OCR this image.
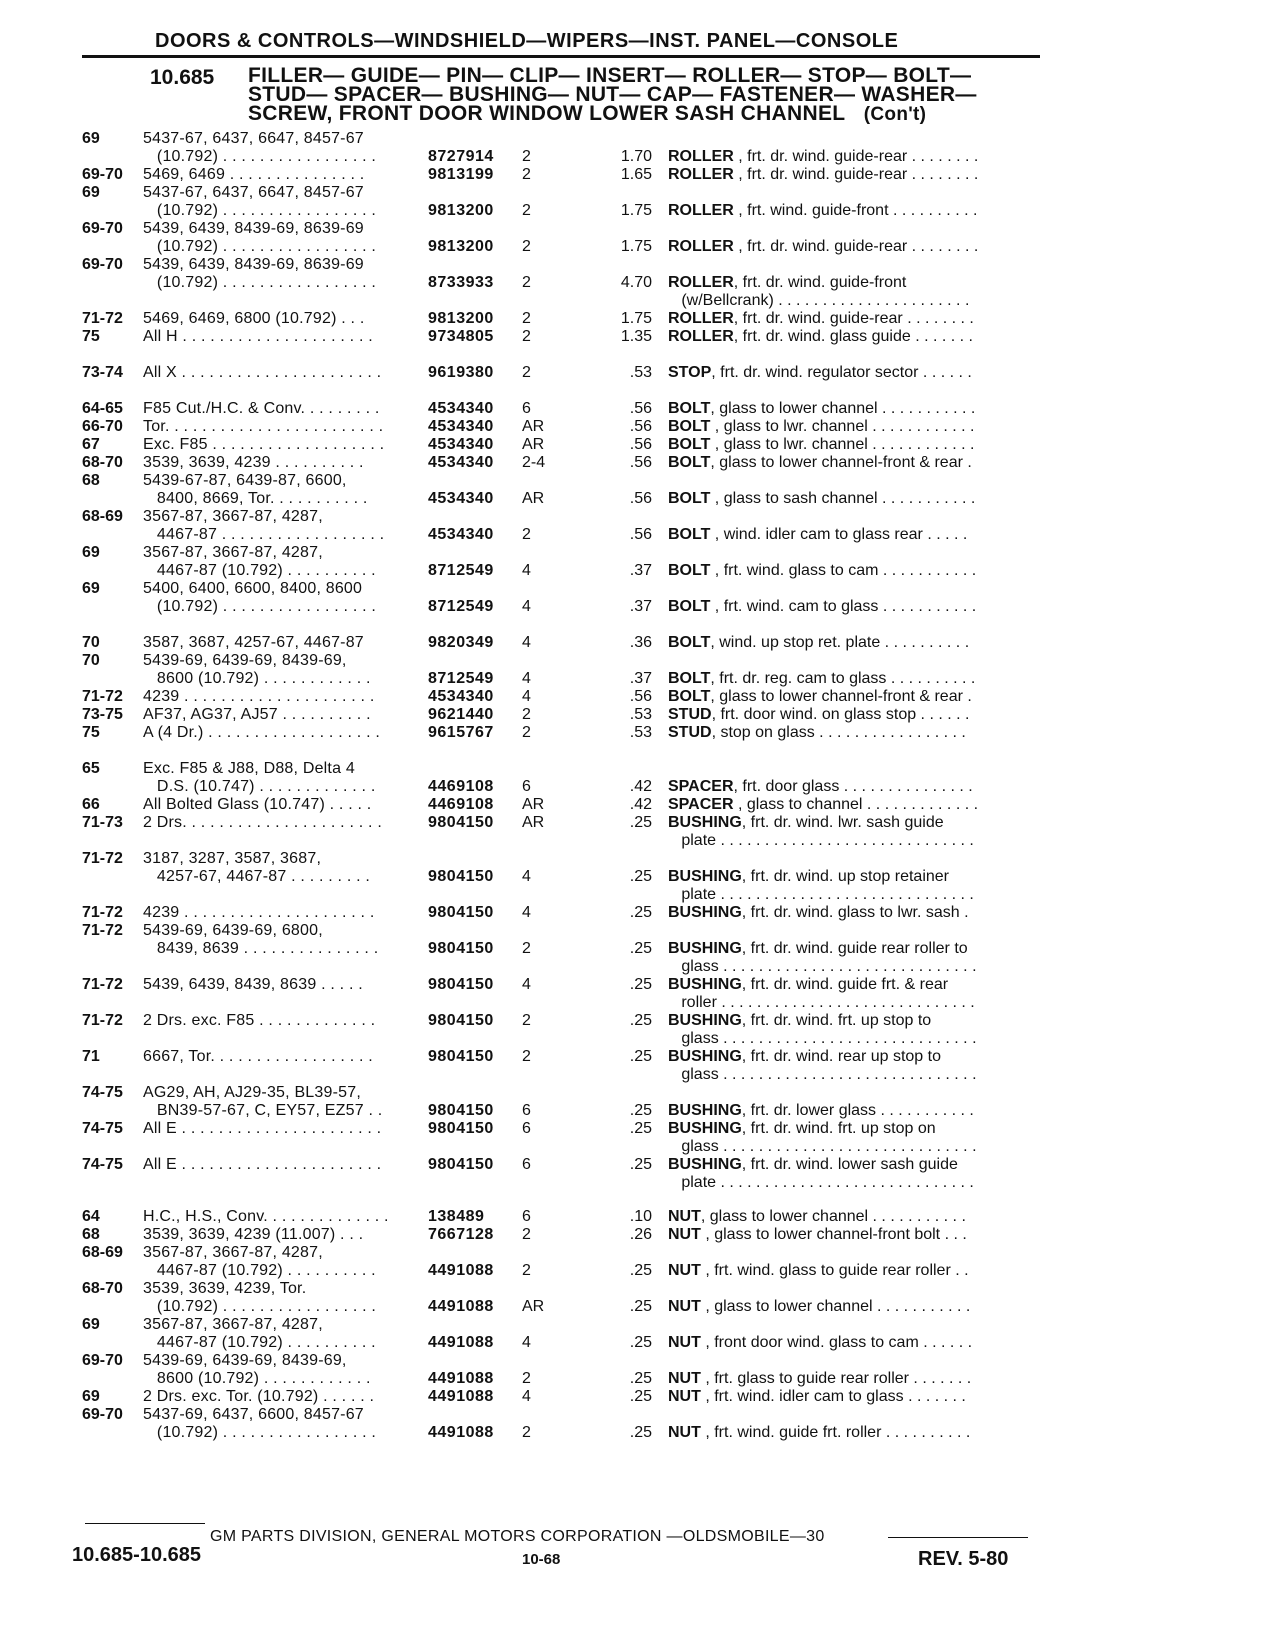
DOORS & CONTROLS—WINDSHIELD—WIPERS—INST. PANEL—CONSOLE
10.685 FILLER— GUIDE— PIN— CLIP— INSERT— ROLLER— STOP— BOLT—
STUD— SPACER— BUSHING— NUT— CAP— FASTENER— WASHER—
SCREW, FRONT DOOR WINDOW LOWER SASH CHANNEL (Con't)
69	5437-67, 6437, 6647, 8457-67
(10.792) . . . . . . . . . . . . . . . . .	8727914 2	1.70 ROLLER , frt. dr. wind. guide-rear . . . . . . . .
69-70 5469, 6469 . . . . . . . . . . . . . . .	9813199 2	1.65 ROLLER , frt. dr. wind. guide-rear . . . . . . . .
69	5437-67, 6437, 6647, 8457-67
(10.792) . . . . . . . . . . . . . . . . .	9813200 2	1.75 ROLLER , frt. wind. guide-front . . . . . . . . . .
69-70 5439, 6439, 8439-69, 8639-69
(10.792) . . . . . . . . . . . . . . . . .	9813200 2	1.75 ROLLER , frt. dr. wind. guide-rear . . . . . . . .
69-70 5439, 6439, 8439-69, 8639-69
(10.792) . . . . . . . . . . . . . . . . .	8733933 2	4.70 ROLLER, frt. dr. wind. guide-front
(w/Bellcrank) . . . . . . . . . . . . . . . . . . . . . .
71-72 5469, 6469, 6800 (10.792) . . .	9813200 2	1.75 ROLLER, frt. dr. wind. guide-rear . . . . . . . .
75	All H . . . . . . . . . . . . . . . . . . . . .	9734805 2	1.35 ROLLER, frt. dr. wind. glass guide . . . . . . .
73-74 All X . . . . . . . . . . . . . . . . . . . . . .	9619380 2	.53 STOP, frt. dr. wind. regulator sector . . . . . .
64-65 F85 Cut./H.C. & Conv. . . . . . . . .	4534340 6	.56 BOLT, glass to lower channel . . . . . . . . . . .
66-70 Tor. . . . . . . . . . . . . . . . . . . . . . . .	4534340 AR	.56 BOLT , glass to lwr. channel . . . . . . . . . . . .
67	Exc. F85 . . . . . . . . . . . . . . . . . . .	4534340 AR	.56 BOLT , glass to lwr. channel . . . . . . . . . . . .
68-70 3539, 3639, 4239 . . . . . . . . . .	4534340 2-4	.56 BOLT, glass to lower channel-front & rear .
68	5439-67-87, 6439-87, 6600,
8400, 8669, Tor. . . . . . . . . . .	4534340 AR	.56 BOLT , glass to sash channel . . . . . . . . . . .
68-69 3567-87, 3667-87, 4287,
4467-87 . . . . . . . . . . . . . . . . . .	4534340 2	.56 BOLT , wind. idler cam to glass rear . . . . .
69	3567-87, 3667-87, 4287,
4467-87 (10.792) . . . . . . . . . .	8712549 4	.37 BOLT , frt. wind. glass to cam . . . . . . . . . . .
69	5400, 6400, 6600, 8400, 8600
(10.792) . . . . . . . . . . . . . . . . .	8712549 4	.37 BOLT , frt. wind. cam to glass . . . . . . . . . . .
70	3587, 3687, 4257-67, 4467-87	9820349 4	.36 BOLT, wind. up stop ret. plate . . . . . . . . . .
70	5439-69, 6439-69, 8439-69,
8600 (10.792) . . . . . . . . . . . .	8712549 4	.37 BOLT, frt. dr. reg. cam to glass . . . . . . . . . .
71-72 4239 . . . . . . . . . . . . . . . . . . . . .	4534340 4	.56 BOLT, glass to lower channel-front & rear .
73-75 AF37, AG37, AJ57 . . . . . . . . . .	9621440 2	.53 STUD, frt. door wind. on glass stop . . . . . .
75	A (4 Dr.) . . . . . . . . . . . . . . . . . . .	9615767 2	.53 STUD, stop on glass . . . . . . . . . . . . . . . . .
65	Exc. F85 & J88, D88, Delta 4
D.S. (10.747) . . . . . . . . . . . . .	4469108 6	.42 SPACER, frt. door glass . . . . . . . . . . . . . . .
66	All Bolted Glass (10.747) . . . . .	4469108 AR	.42 SPACER , glass to channel . . . . . . . . . . . . .
71-73 2 Drs. . . . . . . . . . . . . . . . . . . . . .	9804150 AR	.25 BUSHING, frt. dr. wind. lwr. sash guide
plate . . . . . . . . . . . . . . . . . . . . . . . . . . . . .
71-72 3187, 3287, 3587, 3687,
4257-67, 4467-87 . . . . . . . . .	9804150 4	.25 BUSHING, frt. dr. wind. up stop retainer
plate . . . . . . . . . . . . . . . . . . . . . . . . . . . . .
71-72 4239 . . . . . . . . . . . . . . . . . . . . .	9804150 4	.25 BUSHING, frt. dr. wind. glass to lwr. sash .
71-72 5439-69, 6439-69, 6800,
8439, 8639 . . . . . . . . . . . . . . .	9804150 2	.25 BUSHING, frt. dr. wind. guide rear roller to
glass . . . . . . . . . . . . . . . . . . . . . . . . . . . . .
71-72 5439, 6439, 8439, 8639 . . . . .	9804150 4	.25 BUSHING, frt. dr. wind. guide frt. & rear
roller . . . . . . . . . . . . . . . . . . . . . . . . . . . . .
71-72 2 Drs. exc. F85 . . . . . . . . . . . . .	9804150 2	.25 BUSHING, frt. dr. wind. frt. up stop to
glass . . . . . . . . . . . . . . . . . . . . . . . . . . . . .
71	6667, Tor. . . . . . . . . . . . . . . . . .	9804150 2	.25 BUSHING, frt. dr. wind. rear up stop to
glass . . . . . . . . . . . . . . . . . . . . . . . . . . . . .
74-75 AG29, AH, AJ29-35, BL39-57,
BN39-57-67, C, EY57, EZ57 . .	9804150 6	.25 BUSHING, frt. dr. lower glass . . . . . . . . . . .
74-75 All E . . . . . . . . . . . . . . . . . . . . . .	9804150 6	.25 BUSHING, frt. dr. wind. frt. up stop on
glass . . . . . . . . . . . . . . . . . . . . . . . . . . . . .
74-75 All E . . . . . . . . . . . . . . . . . . . . . .	9804150 6	.25 BUSHING, frt. dr. wind. lower sash guide
plate . . . . . . . . . . . . . . . . . . . . . . . . . . . . .
64	H.C., H.S., Conv. . . . . . . . . . . . . . 138489 6	.10 NUT, glass to lower channel . . . . . . . . . . .
68	3539, 3639, 4239 (11.007) . . .	7667128 2	.26 NUT , glass to lower channel-front bolt . . .
68-69 3567-87, 3667-87, 4287,
4467-87 (10.792) . . . . . . . . . .	4491088 2	.25 NUT , frt. wind. glass to guide rear roller . .
68-70 3539, 3639, 4239, Tor.
(10.792) . . . . . . . . . . . . . . . . .	4491088 AR	.25 NUT , glass to lower channel . . . . . . . . . . .
69	3567-87, 3667-87, 4287,
4467-87 (10.792) . . . . . . . . . .	4491088 4	.25 NUT , front door wind. glass to cam . . . . . .
69-70 5439-69, 6439-69, 8439-69,
8600 (10.792) . . . . . . . . . . . .	4491088 2	.25 NUT , frt. glass to guide rear roller . . . . . . .
69	2 Drs. exc. Tor. (10.792) . . . . . .	4491088 4	.25 NUT , frt. wind. idler cam to glass . . . . . . .
69-70 5437-69, 6437, 6600, 8457-67
(10.792) . . . . . . . . . . . . . . . . .	4491088 2	.25 NUT , frt. wind. guide frt. roller . . . . . . . . . .
GM PARTS DIVISION, GENERAL MOTORS CORPORATION —OLDSMOBILE—30
10.685-10.685	10-68	REV. 5-80
